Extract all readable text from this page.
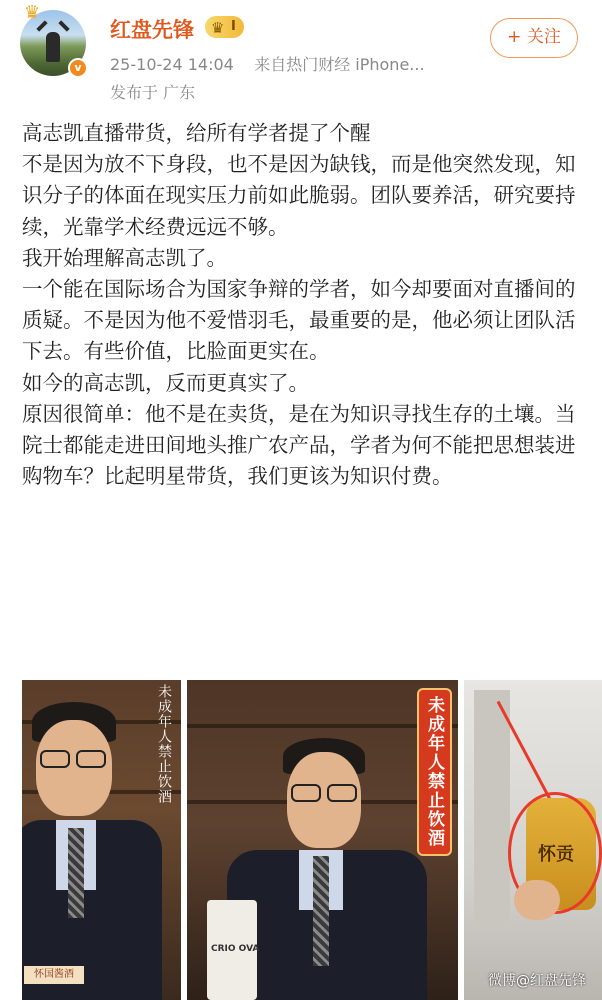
♛
v
红盘先锋 ♛ I
25-10-24 14:04 来自热门财经 iPhone...
发布于 广东
+ 关注

高志凯直播带货，给所有学者提了个醒

不是因为放不下身段，也不是因为缺钱，而是他突然发现，知识分子的体面在现实压力前如此脆弱。团队要养活，研究要持续，光靠学术经费远远不够。

我开始理解高志凯了。

一个能在国际场合为国家争辩的学者，如今却要面对直播间的质疑。不是因为他不爱惜羽毛，最重要的是，他必须让团队活下去。有些价值，比脸面更实在。

如今的高志凯，反而更真实了。

原因很简单：他不是在卖货，是在为知识寻找生存的土壤。当院士都能走进田间地头推广农产品，学者为何不能把思想装进购物车？比起明星带货，我们更该为知识付费。

未成年人禁止饮酒
怀国酱酒
CRIO OVA
未成年人禁止饮酒
怀贡
微博@红盘先锋
